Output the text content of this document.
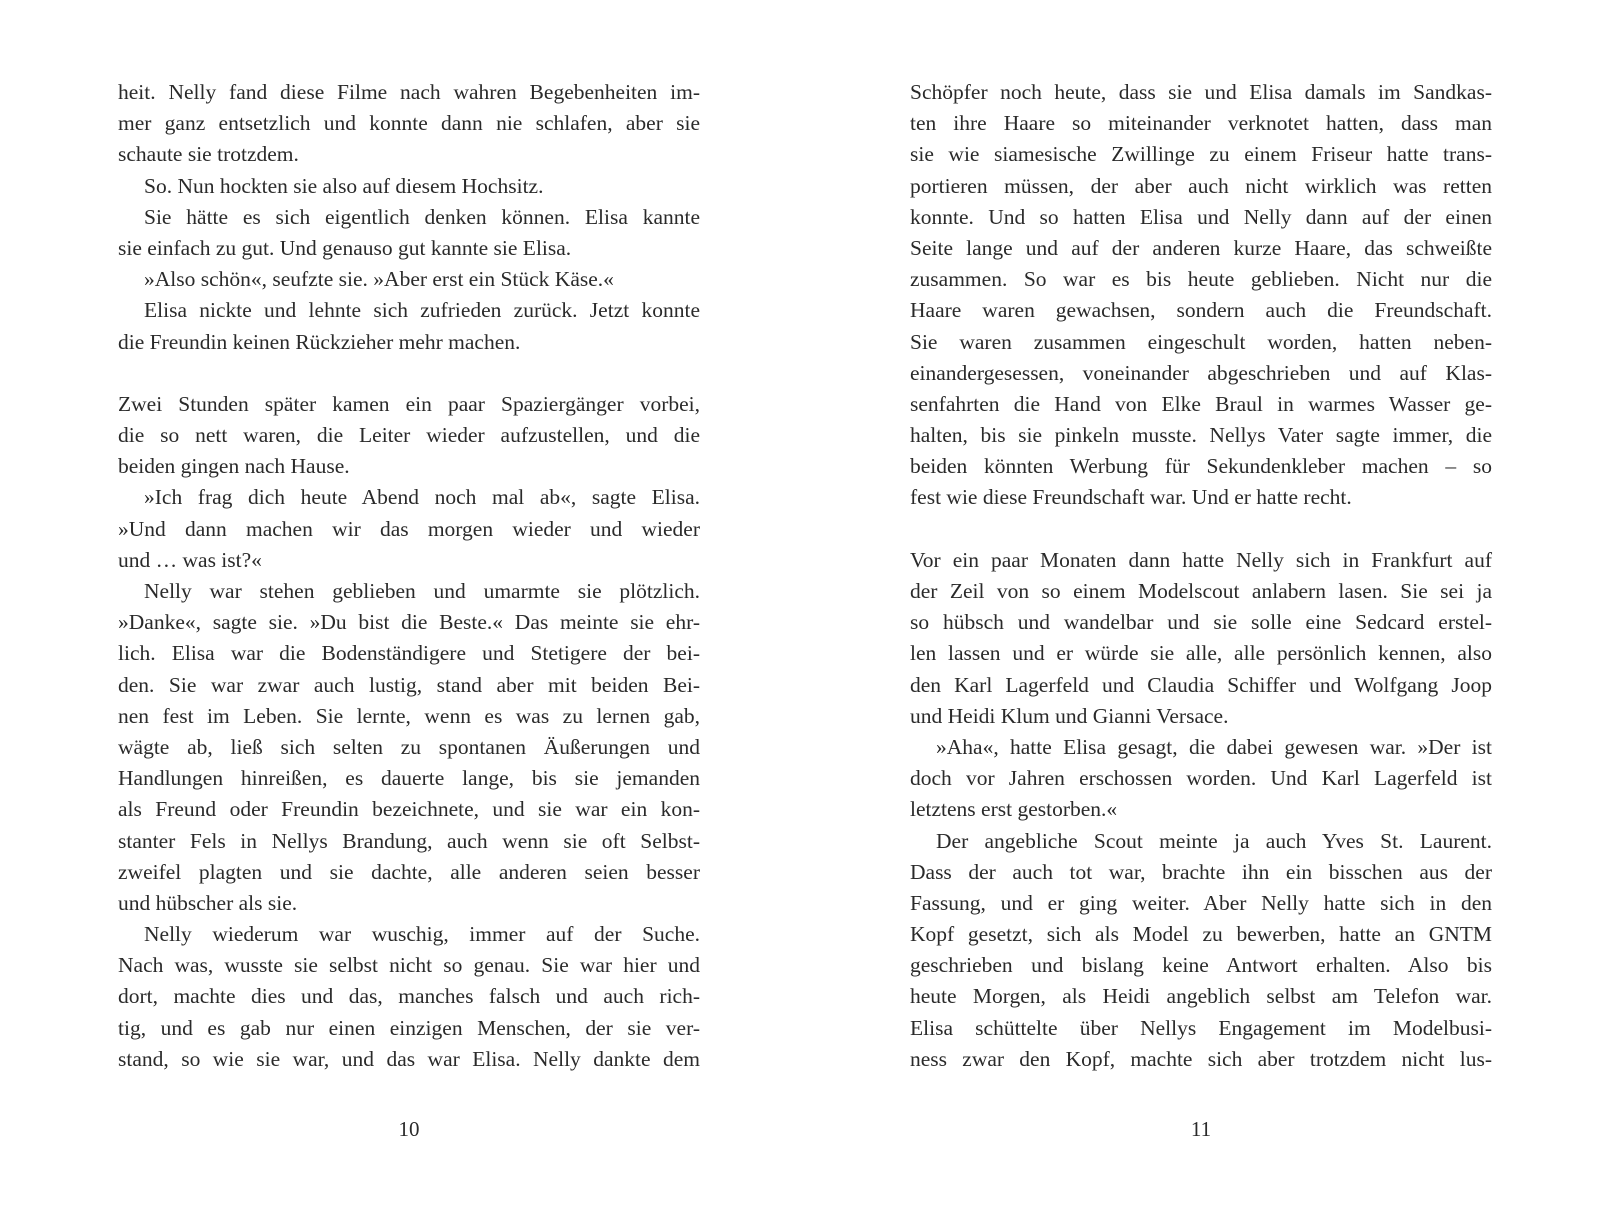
heit. Nelly fand diese Filme nach wahren Begebenheiten im-
mer ganz entsetzlich und konnte dann nie schlafen, aber sie
schaute sie trotzdem.
So. Nun hockten sie also auf diesem Hochsitz.
Sie hätte es sich eigentlich denken können. Elisa kannte
sie einfach zu gut. Und genauso gut kannte sie Elisa.
»Also schön«, seufzte sie. »Aber erst ein Stück Käse.«
Elisa nickte und lehnte sich zufrieden zurück. Jetzt konnte
die Freundin keinen Rückzieher mehr machen.
Zwei Stunden später kamen ein paar Spaziergänger vorbei,
die so nett waren, die Leiter wieder aufzustellen, und die
beiden gingen nach Hause.
»Ich frag dich heute Abend noch mal ab«, sagte Elisa.
»Und dann machen wir das morgen wieder und wieder
und … was ist?«
Nelly war stehen geblieben und umarmte sie plötzlich.
»Danke«, sagte sie. »Du bist die Beste.« Das meinte sie ehr-
lich. Elisa war die Bodenständigere und Stetigere der bei-
den. Sie war zwar auch lustig, stand aber mit beiden Bei-
nen fest im Leben. Sie lernte, wenn es was zu lernen gab,
wägte ab, ließ sich selten zu spontanen Äußerungen und
Handlungen hinreißen, es dauerte lange, bis sie jemanden
als Freund oder Freundin bezeichnete, und sie war ein kon-
stanter Fels in Nellys Brandung, auch wenn sie oft Selbst-
zweifel plagten und sie dachte, alle anderen seien besser
und hübscher als sie.
Nelly wiederum war wuschig, immer auf der Suche.
Nach was, wusste sie selbst nicht so genau. Sie war hier und
dort, machte dies und das, manches falsch und auch rich-
tig, und es gab nur einen einzigen Menschen, der sie ver-
stand, so wie sie war, und das war Elisa. Nelly dankte dem
10
Schöpfer noch heute, dass sie und Elisa damals im Sandkas-
ten ihre Haare so miteinander verknotet hatten, dass man
sie wie siamesische Zwillinge zu einem Friseur hatte trans-
portieren müssen, der aber auch nicht wirklich was retten
konnte. Und so hatten Elisa und Nelly dann auf der einen
Seite lange und auf der anderen kurze Haare, das schweißte
zusammen. So war es bis heute geblieben. Nicht nur die
Haare waren gewachsen, sondern auch die Freundschaft.
Sie waren zusammen eingeschult worden, hatten neben-
einandergesessen, voneinander abgeschrieben und auf Klas-
senfahrten die Hand von Elke Braul in warmes Wasser ge-
halten, bis sie pinkeln musste. Nellys Vater sagte immer, die
beiden könnten Werbung für Sekundenkleber machen – so
fest wie diese Freundschaft war. Und er hatte recht.
Vor ein paar Monaten dann hatte Nelly sich in Frankfurt auf
der Zeil von so einem Modelscout anlabern lasen. Sie sei ja
so hübsch und wandelbar und sie solle eine Sedcard erstel-
len lassen und er würde sie alle, alle persönlich kennen, also
den Karl Lagerfeld und Claudia Schiffer und Wolfgang Joop
und Heidi Klum und Gianni Versace.
»Aha«, hatte Elisa gesagt, die dabei gewesen war. »Der ist
doch vor Jahren erschossen worden. Und Karl Lagerfeld ist
letztens erst gestorben.«
Der angebliche Scout meinte ja auch Yves St. Laurent.
Dass der auch tot war, brachte ihn ein bisschen aus der
Fassung, und er ging weiter. Aber Nelly hatte sich in den
Kopf gesetzt, sich als Model zu bewerben, hatte an GNTM
geschrieben und bislang keine Antwort erhalten. Also bis
heute Morgen, als Heidi angeblich selbst am Telefon war.
Elisa schüttelte über Nellys Engagement im Modelbusi-
ness zwar den Kopf, machte sich aber trotzdem nicht lus-
11
